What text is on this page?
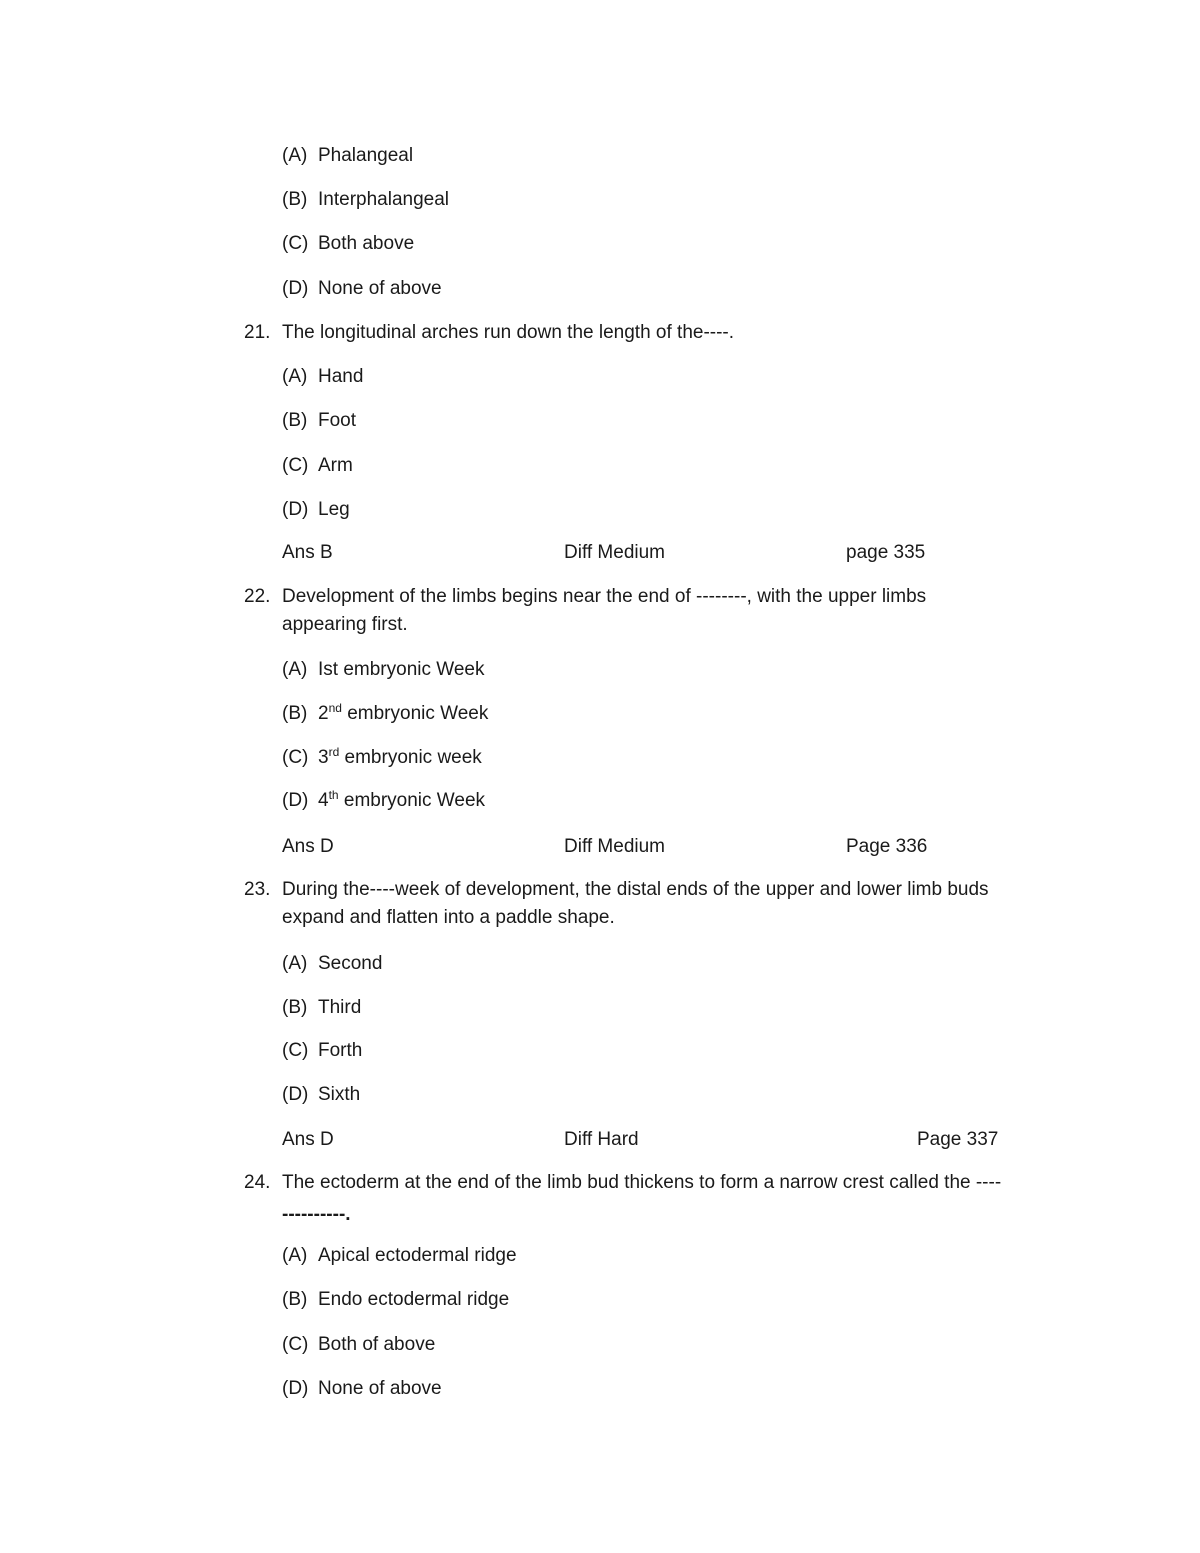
(A) Phalangeal
(B) Interphalangeal
(C) Both above
(D) None of above
21. The longitudinal arches run down the length of the----.
(A) Hand
(B) Foot
(C) Arm
(D) Leg
Ans B	Diff Medium	page 335
22. Development of the limbs begins near the end of --------, with the upper limbs
appearing first.
(A) Ist embryonic Week
(B) 2nd embryonic Week
(C) 3rd embryonic week
(D) 4th embryonic Week
Ans D	Diff Medium	Page 336
23. During the----week of development, the distal ends of the upper and lower limb buds
expand and flatten into a paddle shape.
(A) Second
(B) Third
(C) Forth
(D) Sixth
Ans D	Diff Hard	Page 337
24. The ectoderm at the end of the limb bud thickens to form a narrow crest called the ----
----------.
(A) Apical ectodermal ridge
(B) Endo ectodermal ridge
(C) Both of above
(D) None of above
